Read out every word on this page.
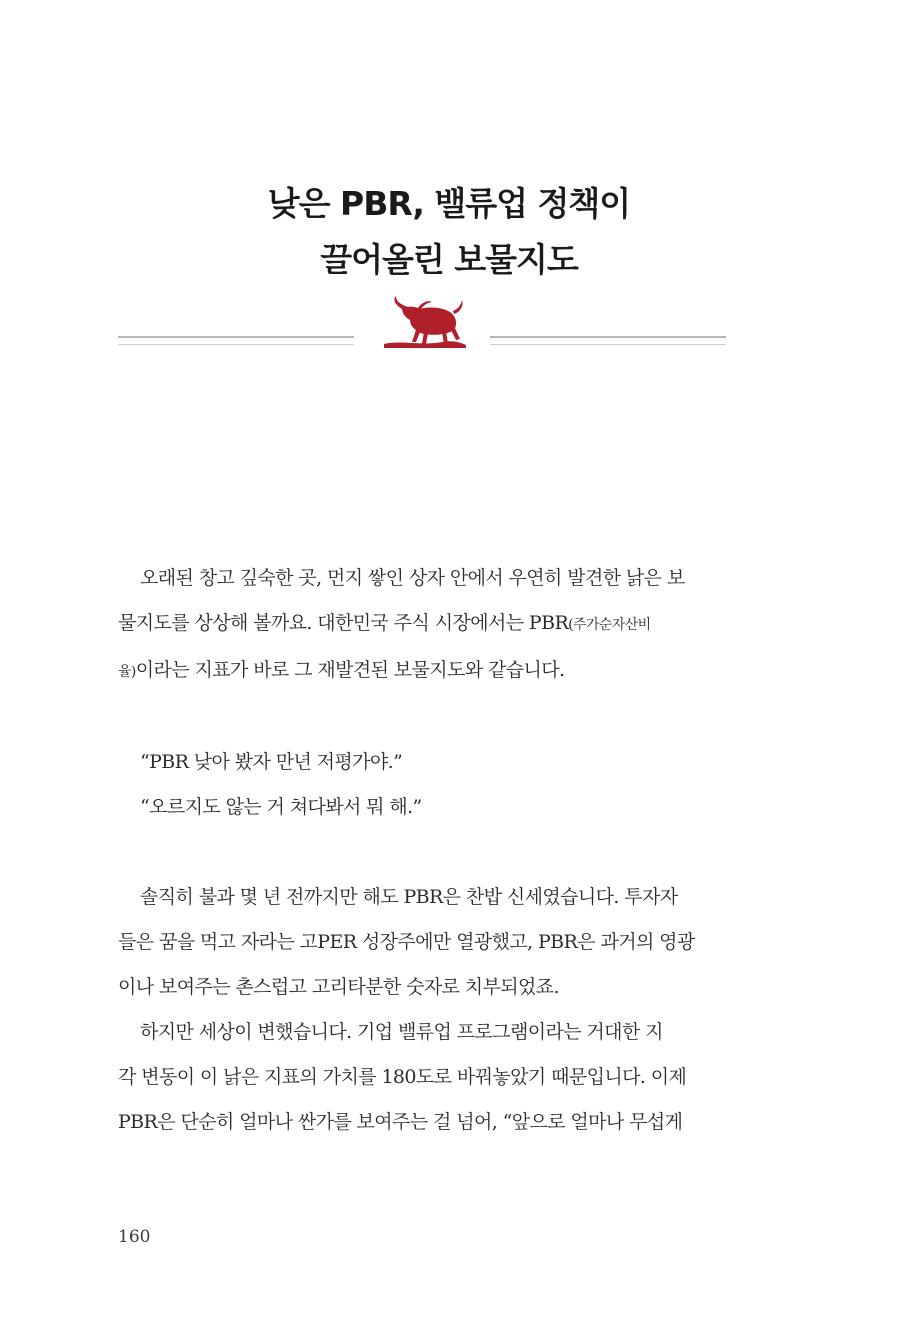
낮은 PBR, 밸류업 정책이
끌어올린 보물지도

오래된 창고 깊숙한 곳, 먼지 쌓인 상자 안에서 우연히 발견한 낡은 보

물지도를 상상해 볼까요. 대한민국 주식 시장에서는 PBR(주가순자산비

율)이라는 지표가 바로 그 재발견된 보물지도와 같습니다.

“PBR 낮아 봤자 만년 저평가야.”

“오르지도 않는 거 쳐다봐서 뭐 해.”

솔직히 불과 몇 년 전까지만 해도 PBR은 찬밥 신세였습니다. 투자자

들은 꿈을 먹고 자라는 고PER 성장주에만 열광했고, PBR은 과거의 영광

이나 보여주는 촌스럽고 고리타분한 숫자로 치부되었죠.

하지만 세상이 변했습니다. 기업 밸류업 프로그램이라는 거대한 지

각 변동이 이 낡은 지표의 가치를 180도로 바꿔놓았기 때문입니다. 이제

PBR은 단순히 얼마나 싼가를 보여주는 걸 넘어, “앞으로 얼마나 무섭게

160
